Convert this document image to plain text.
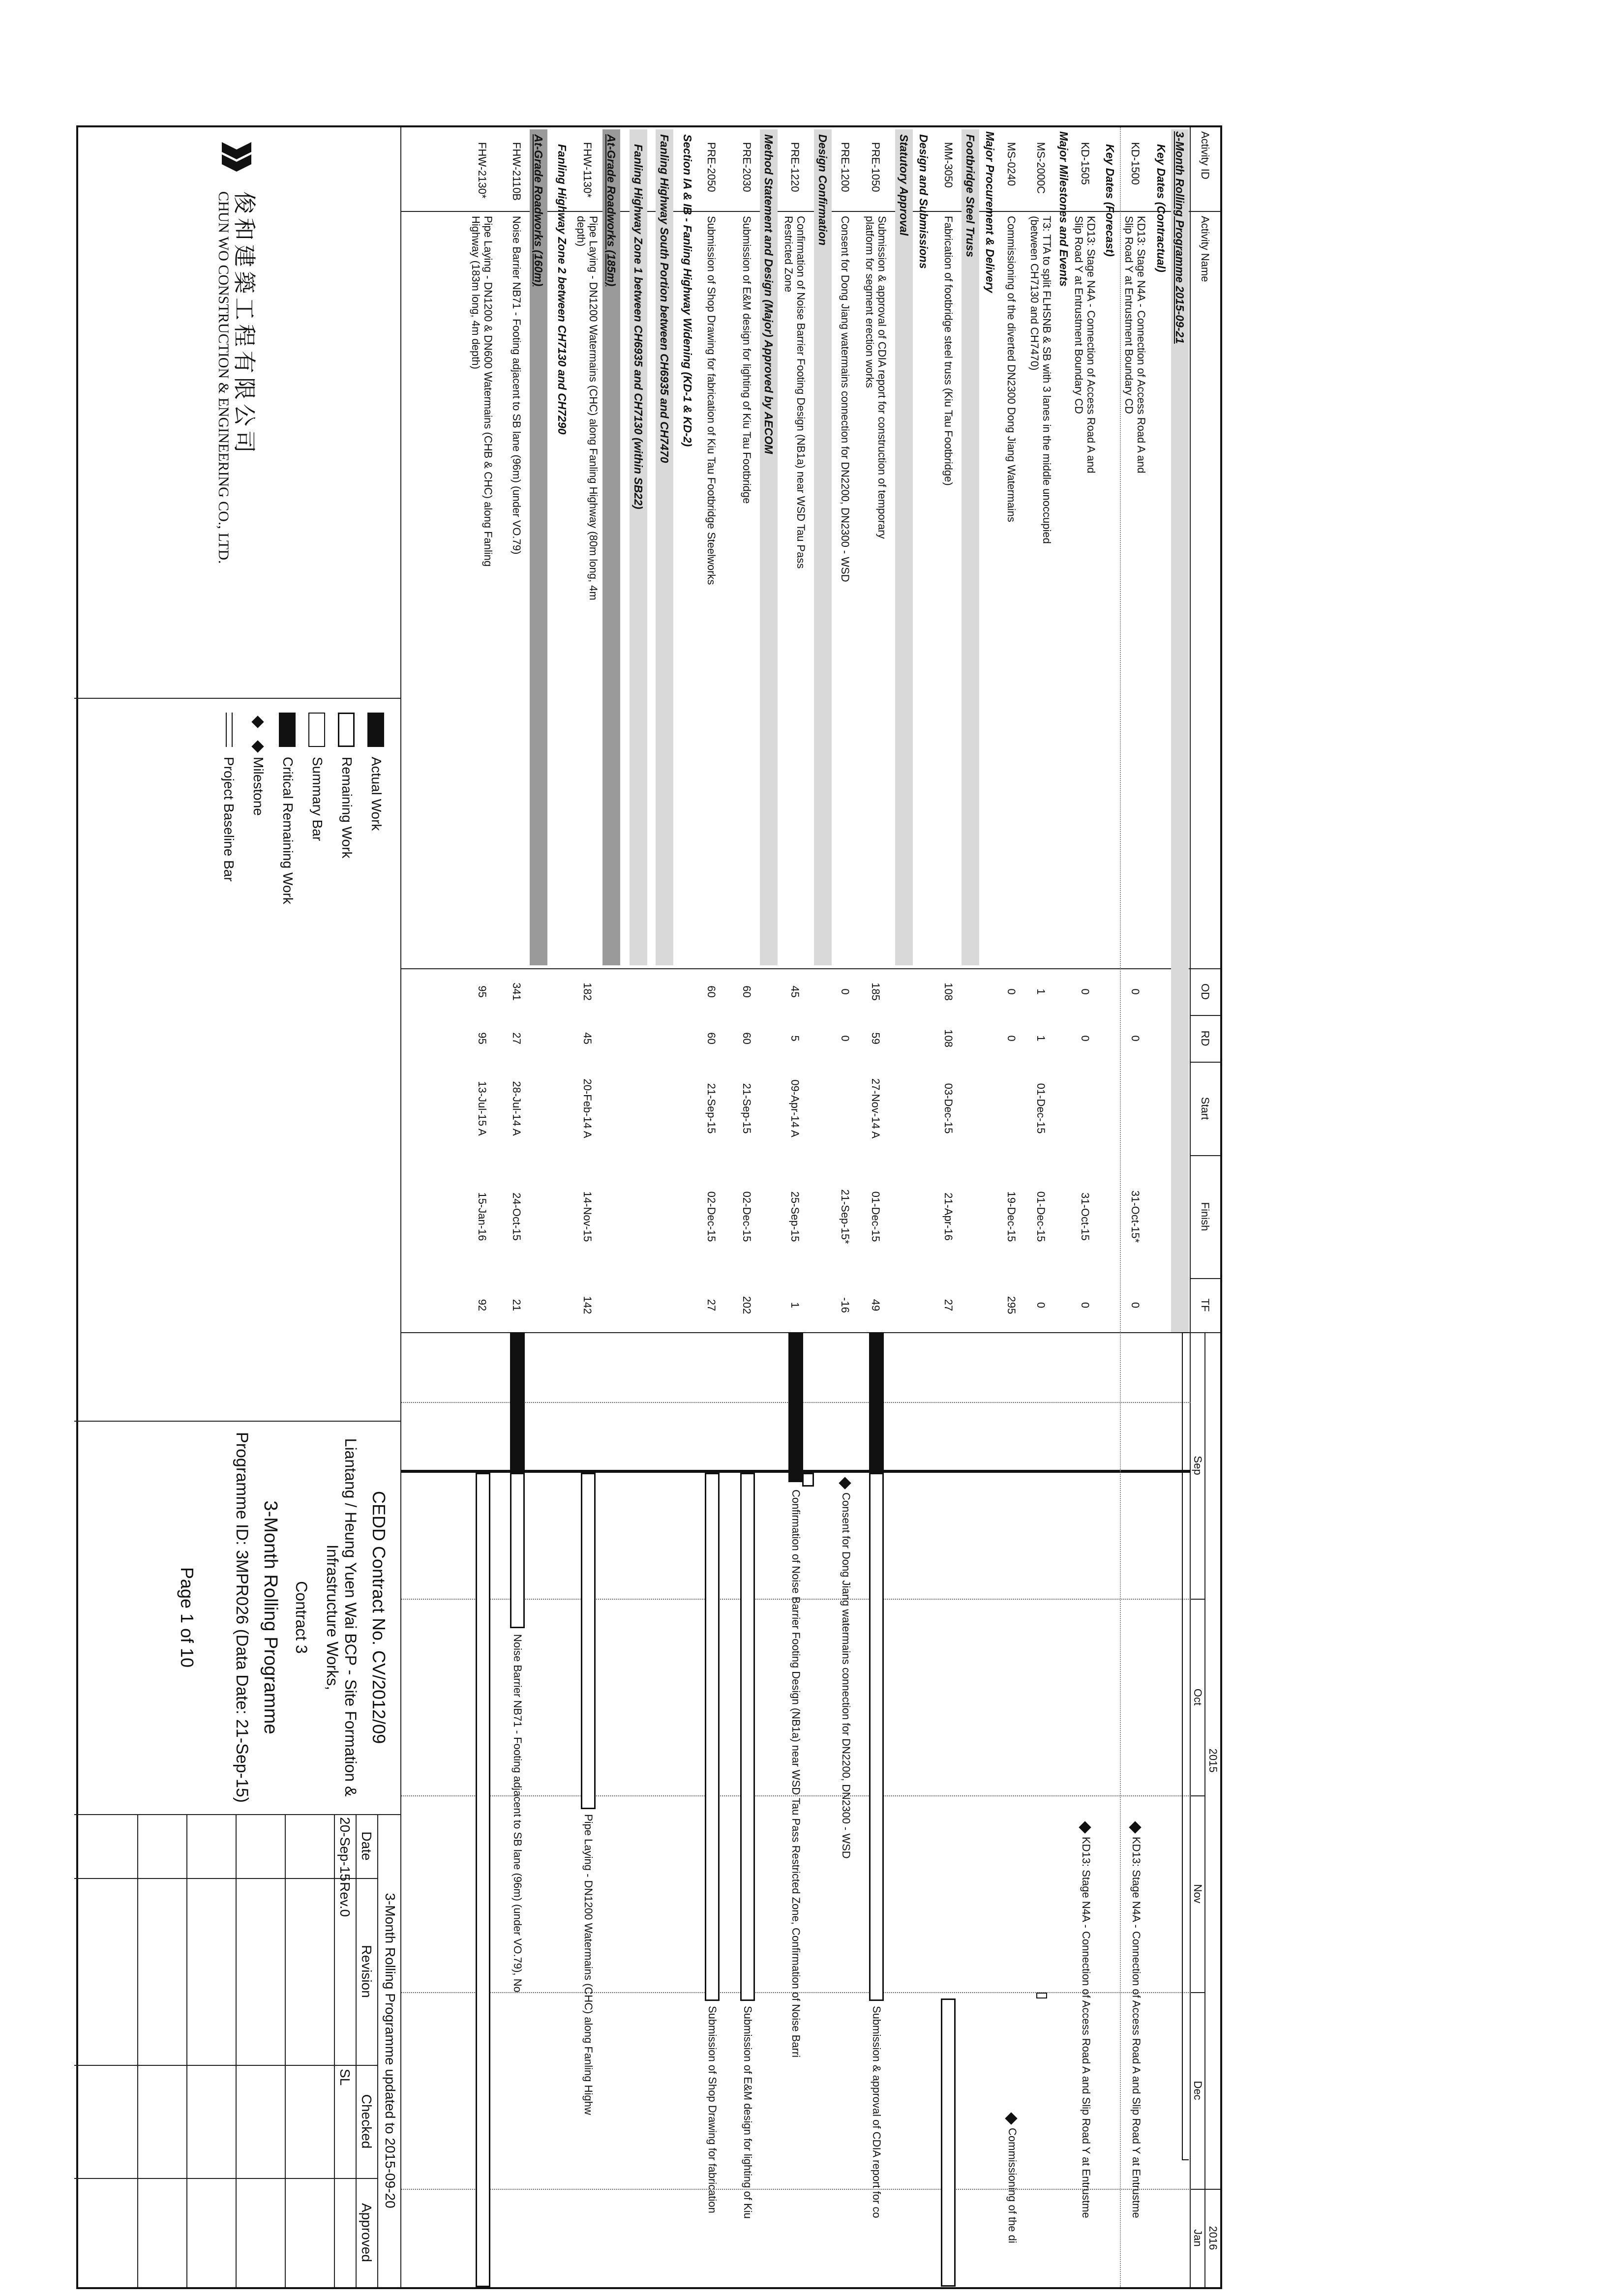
Activity ID
Activity Name
OD
RD
Start
Finish
TF
2015
2016
Sep
Oct
Nov
Dec
Jan
3-Month Rolling Programme 2015-09-21
Key Dates (Contractual)
KD-1500
KD13: Stage N4A - Connection of Access Road A and Slip Road Y at Entrustment Boundary CD
0
0
31-Oct-15*
0
KD13: Stage N4A - Connection of Access Road A and Slip Road Y at Entrustme
Key Dates (Forecast)
KD-1505
KD13: Stage N4A - Connection of Access Road A and Slip Road Y at Entrustment Boundary CD
0
0
31-Oct-15
0
KD13: Stage N4A - Connection of Access Road A and Slip Road Y at Entrustme
Major Milestones and Events
MS-2000C
T3: TTA to split FLHSNB & SB with 3 lanes in the middle unoccupied (between CH7130 and CH7470)
1
1
01-Dec-15
01-Dec-15
0
MS-0240
Commissioning of the diverted DN2300 Dong Jiang Watermains
0
0
19-Dec-15
295
Commissioning of the di
Major Procurement & Delivery
Footbridge Steel Truss
MM-3050
Fabrication of footbridge steel truss (Kiu Tau Footbridge)
108
108
03-Dec-15
21-Apr-16
27
Design and Submissions
Statutory Approval
PRE-1050
Submission & approval of CDIA report for construction of temporary platform for segment erection works
185
59
27-Nov-14 A
01-Dec-15
49
Submission & approval of CDIA report for co
PRE-1200
Consent for Dong Jiang watermains connection for DN2200, DN2300 - WSD
0
0
21-Sep-15*
-16
Consent for Dong Jiang watermains connection for DN2200, DN2300 - WSD
Design Confirmation
PRE-1220
Confirmation of Noise Barrier Footing Design (NB1a) near WSD Tau Pass Restricted Zone
45
5
09-Apr-14 A
25-Sep-15
1
Confirmation of Noise Barrier Footing Design (NB1a) near WSD Tau Pass Restricted Zone, Confirmation of Noise Barri
Method Statement and Design (Major) Approved by AECOM
PRE-2030
Submission of E&M design for lighting of Kiu Tau Footbridge
60
60
21-Sep-15
02-Dec-15
202
Submission of E&M design for lighting of Kiu
PRE-2050
Submission of Shop Drawing for fabrication of Kiu Tau Footbridge Steelworks
60
60
21-Sep-15
02-Dec-15
27
Submission of Shop Drawing for fabrication
Section IA & IB - Fanling Highway Widening (KD-1 & KD-2)
Fanling Highway South Portion between CH6935 and CH7470
Fanling Highway Zone 1 between CH6935 and CH7130 (within SB22)
At-Grade Roadworks (185m)
FHW-1130*
Pipe Laying - DN1200 Watermains (CHC) along Fanling Highway (80m long, 4m depth)
182
45
20-Feb-14 A
14-Nov-15
142
Pipe Laying - DN1200 Watermains (CHC) along Fanling Highw
Fanling Highway Zone 2 between CH7130 and CH7290
At-Grade Roadworks (160m)
FHW-2110B
Noise Barrier NB71 - Footing adjacent to SB lane (96m) (under VO.79)
341
27
28-Jul-14 A
24-Oct-15
21
Noise Barrier NB71 - Footing adjacent to SB lane (96m) (under VO.79), No
FHW-2130*
Pipe Laying - DN1200 & DN600 Watermains (CHB & CHC) along Fanling Highway (183m long, 4m depth)
95
95
13-Jul-15 A
15-Jan-16
92
俊和建築工程有限公司
CHUN WO CONSTRUCTION & ENGINEERING CO., LTD.
Actual Work
Remaining Work
Summary Bar
Critical Remaining Work
Milestone
Project Baseline Bar
CEDD Contract No. CV/2012/09
Liantang / Heung Yuen Wai BCP - Site Formation & Infrastructure Works,
Contract 3
3-Month Rolling Programme
Programme ID: 3MPR026 (Data Date: 21-Sep-15)
Page 1 of 10
3-Month Rolling Programme updated to 2015-09-20
Date
Revision
Checked
Approved
20-Sep-15
Rev.0
SL
